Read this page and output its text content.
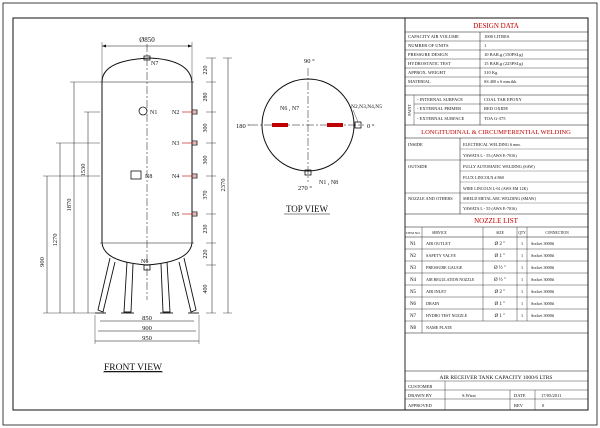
Ø850
N7
N1 N2
N3
N8	N4
N5
N6
220
280
300
300
370
230
220
400
2370
1530
1870
1270
900
850
900
950
FRONT VIEW
90 °
180 °	0 °
270 °
N6 , N7	N2,N3,N4,N5
N1 , N8
TOP VIEW
DESIGN DATA
CAPACITY AIR VOLUME	1000 LITRES
NUMBER OF UNITS	1
PRESSURE DESIGN	10 BAR.g (150PSI.g)
HYDROSTATIC TEST	15 BAR.g (225PSI.g)
APPROX. WEIGHT	310 Kg
MATERIAL	SS 400 x 6 mm.thk.
PAINT
- INTERNAL SURFACE	COAL TAR EPOXY
- EXTERNAL PRIMER	RED OXIDE
- EXTERNAL SURFACE	TOA G-375
LONGITUDINAL & CIRCUMFERENTIAL WELDING
INSIDE	ELECTRICAL WELDING 6 mm.
YAWATA L - 55 (AWS E-7016)
OUTSIDE	FULLY AUTOMATIC WELDING (SAW)
FLUX LINCOLN # 860
WIRE LINCOLN L-61 (AWS EM 12K)
NOZZLE AND OTHERS	SHIELD METAL ARC WELDING (SMAW)
YAWATA L - 55 (AWS E-7016)
NOZZLE LIST
ITEM NO.	SERVICE	SIZE	QTY	CONNECTION
N1 AIR OUTLET	Ø 2 "	1 Socket 3000#
N2 SAFETY VALVE	Ø 1 "	1 Socket 3000#
N3 PRESSURE GAUGE	Ø ½ "	1 Socket 3000#
N4	AIR REGULATION NOZZLE	Ø ½ "	1 Socket 3000#
N5 AIR INLET	Ø 2 "	1 Socket 3000#
N6 DRAIN	Ø 1 "	1 Socket 3000#
N7 HYDRO TEST NOZZLE	Ø 1 "	1 Socket 3000#
N8 NAME PLATE
AIR RECEIVER TANK CAPACITY 1000/6 LTRS
CUSTOMER
DRAWN BY	S.Wirat	DATE	17/05/2011
APPROVED	REV	0
